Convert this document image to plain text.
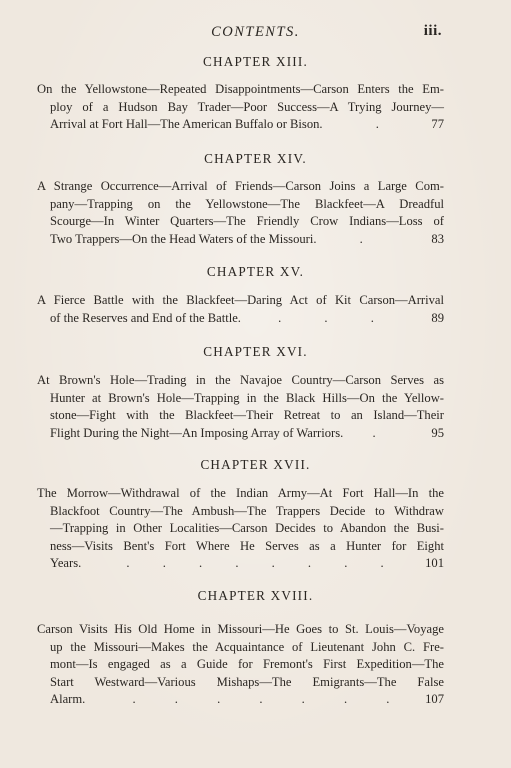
CONTENTS.	iii.
CHAPTER XIII.
On the Yellowstone—Repeated Disappointments—Carson Enters the Em-
ploy of a Hudson Bay Trader—Poor Success—A Trying Journey—
Arrival at Fort Hall—The American Buffalo or Bison.	.	77
CHAPTER XIV.
A Strange Occurrence—Arrival of Friends—Carson Joins a Large Com-
pany—Trapping on the Yellowstone—The Blackfeet—A Dreadful
Scourge—In Winter Quarters—The Friendly Crow Indians—Loss of
Two Trappers—On the Head Waters of the Missouri.	.	83
CHAPTER XV.
A Fierce Battle with the Blackfeet—Daring Act of Kit Carson—Arrival
of the Reserves and End of the Battle.	. . .	89
CHAPTER XVI.
At Brown's Hole—Trading in the Navajoe Country—Carson Serves as
Hunter at Brown's Hole—Trapping in the Black Hills—On the Yellow-
stone—Fight with the Blackfeet—Their Retreat to an Island—Their
Flight During the Night—An Imposing Array of Warriors. .	95
CHAPTER XVII.
The Morrow—Withdrawal of the Indian Army—At Fort Hall—In the
Blackfoot Country—The Ambush—The Trappers Decide to Withdraw
—Trapping in Other Localities—Carson Decides to Abandon the Busi-
ness—Visits Bent's Fort Where He Serves as a Hunter for Eight
Years.	. . . . . . . .	101
CHAPTER XVIII.
Carson Visits His Old Home in Missouri—He Goes to St. Louis—Voyage
up the Missouri—Makes the Acquaintance of Lieutenant John C. Fre-
mont—Is engaged as a Guide for Fremont's First Expedition—The
Start Westward—Various Mishaps—The Emigrants—The False
Alarm.	. . . . . . .	107
